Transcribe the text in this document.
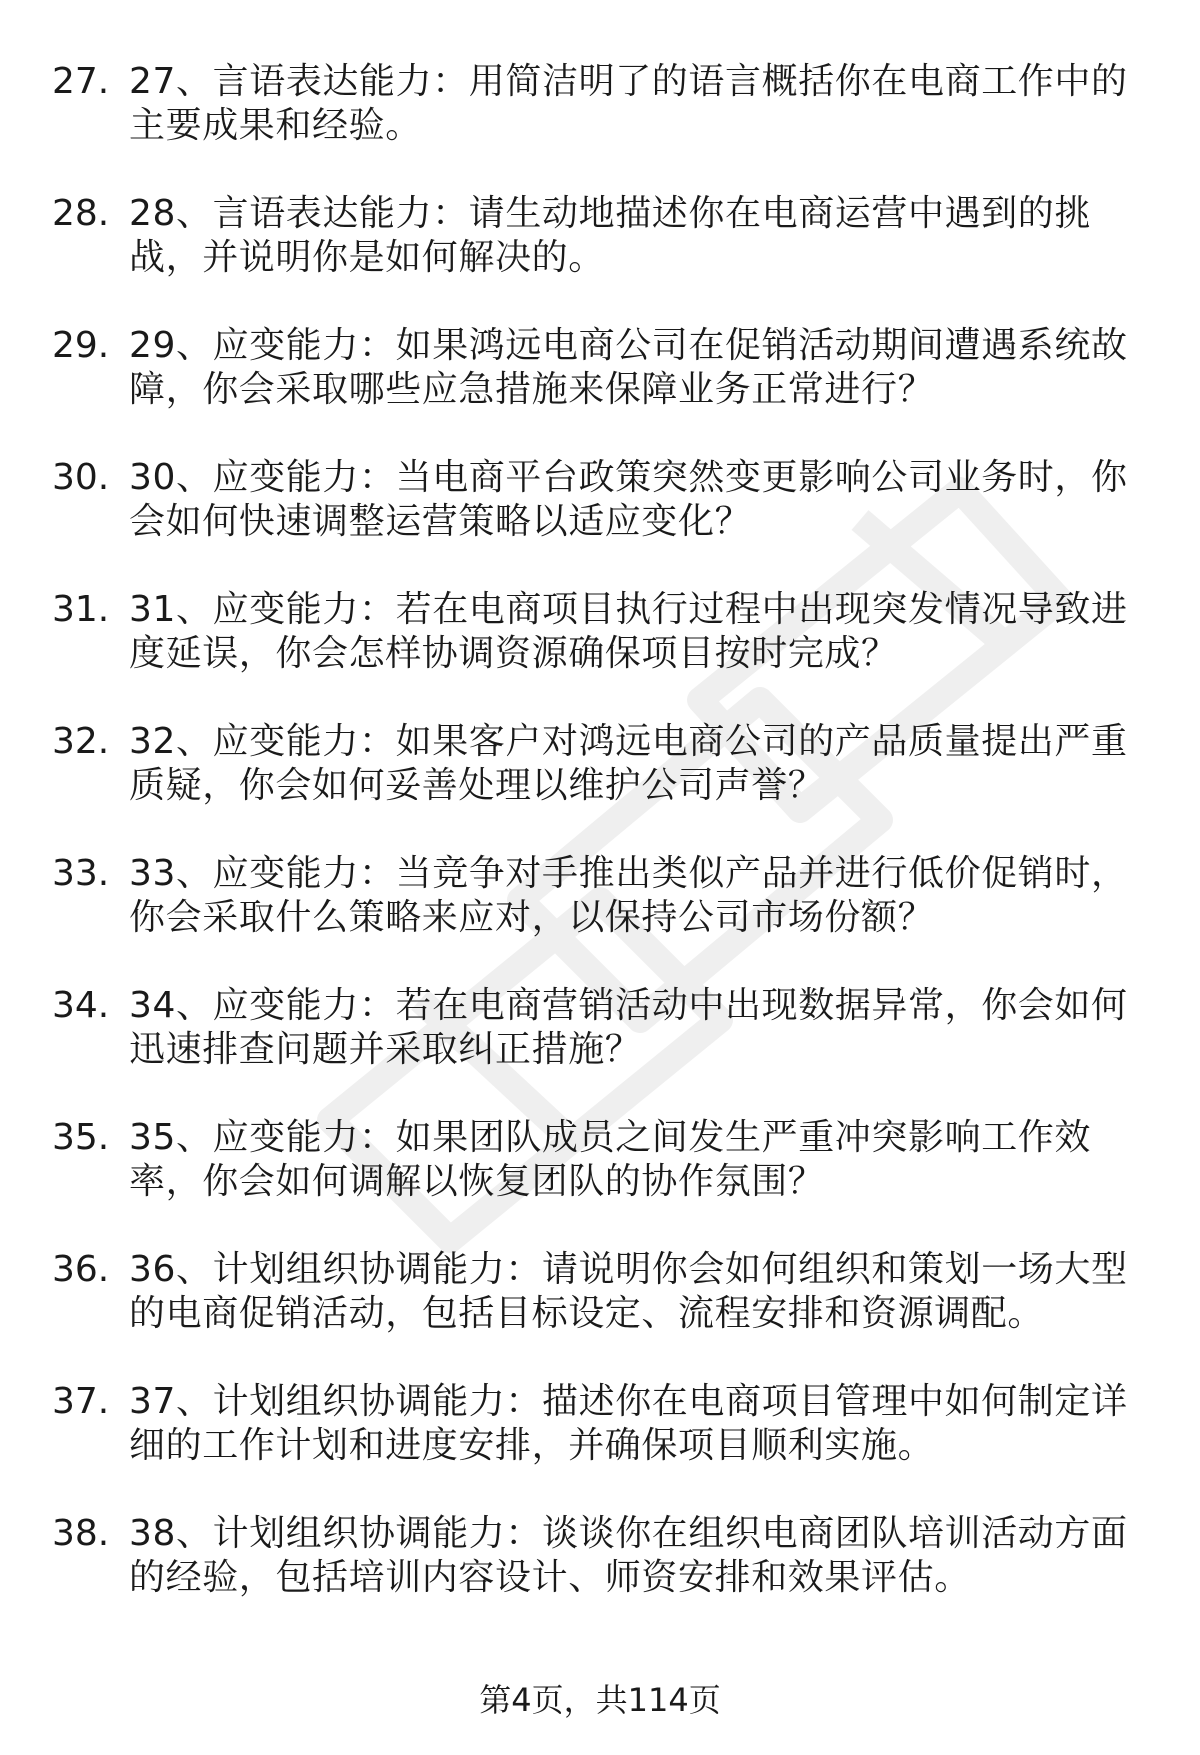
27. 27、言语表达能力：用简洁明了的语言概括你在电商工作中的主要成果和经验。
28. 28、言语表达能力：请生动地描述你在电商运营中遇到的挑战，并说明你是如何解决的。
29. 29、应变能力：如果鸿远电商公司在促销活动期间遭遇系统故障，你会采取哪些应急措施来保障业务正常进行？
30. 30、应变能力：当电商平台政策突然变更影响公司业务时，你会如何快速调整运营策略以适应变化？
31. 31、应变能力：若在电商项目执行过程中出现突发情况导致进度延误，你会怎样协调资源确保项目按时完成？
32. 32、应变能力：如果客户对鸿远电商公司的产品质量提出严重质疑，你会如何妥善处理以维护公司声誉？
33. 33、应变能力：当竞争对手推出类似产品并进行低价促销时，你会采取什么策略来应对，以保持公司市场份额？
34. 34、应变能力：若在电商营销活动中出现数据异常，你会如何迅速排查问题并采取纠正措施？
35. 35、应变能力：如果团队成员之间发生严重冲突影响工作效率，你会如何调解以恢复团队的协作氛围？
36. 36、计划组织协调能力：请说明你会如何组织和策划一场大型的电商促销活动，包括目标设定、流程安排和资源调配。
37. 37、计划组织协调能力：描述你在电商项目管理中如何制定详细的工作计划和进度安排，并确保项目顺利实施。
38. 38、计划组织协调能力：谈谈你在组织电商团队培训活动方面的经验，包括培训内容设计、师资安排和效果评估。
第4页，共114页
